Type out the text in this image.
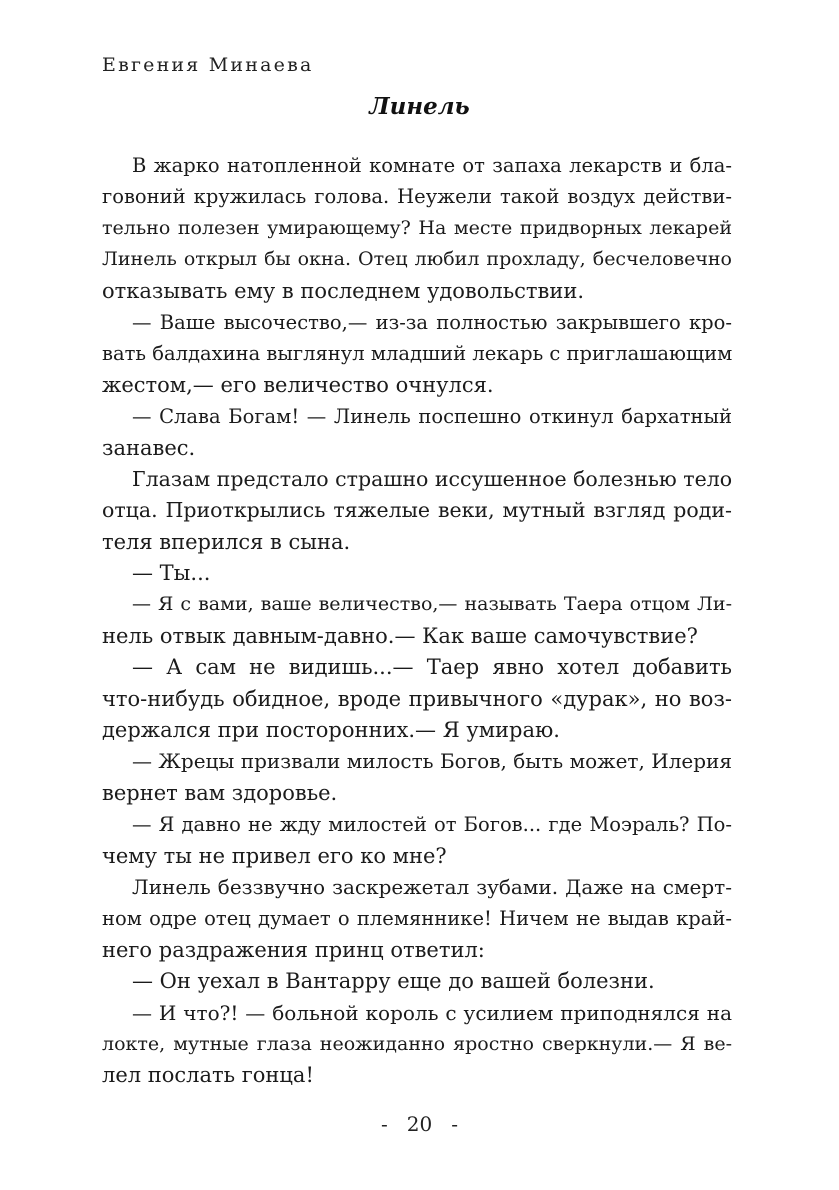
Евгения Минаева
Линель
В жарко натопленной комнате от запаха лекарств и бла-
говоний кружилась голова. Неужели такой воздух действи-
тельно полезен умирающему? На месте придворных лекарей
Линель открыл бы окна. Отец любил прохладу, бесчеловечно
отказывать ему в последнем удовольствии.
— Ваше высочество,— из-за полностью закрывшего кро-
вать балдахина выглянул младший лекарь с приглашающим
жестом,— его величество очнулся.
— Слава Богам! — Линель поспешно откинул бархатный
занавес.
Глазам предстало страшно иссушенное болезнью тело
отца. Приоткрылись тяжелые веки, мутный взгляд роди-
теля вперился в сына.
— Ты...
— Я с вами, ваше величество,— называть Таера отцом Ли-
нель отвык давным-давно.— Как ваше самочувствие?
— А сам не видишь...— Таер явно хотел добавить
что-нибудь обидное, вроде привычного «дурак», но воз-
держался при посторонних.— Я умираю.
— Жрецы призвали милость Богов, быть может, Илерия
вернет вам здоровье.
— Я давно не жду милостей от Богов... где Моэраль? По-
чему ты не привел его ко мне?
Линель беззвучно заскрежетал зубами. Даже на смерт-
ном одре отец думает о племяннике! Ничем не выдав край-
него раздражения принц ответил:
— Он уехал в Вантарру еще до вашей болезни.
— И что?! — больной король с усилием приподнялся на
локте, мутные глаза неожиданно яростно сверкнули.— Я ве-
лел послать гонца!
-   20   -
